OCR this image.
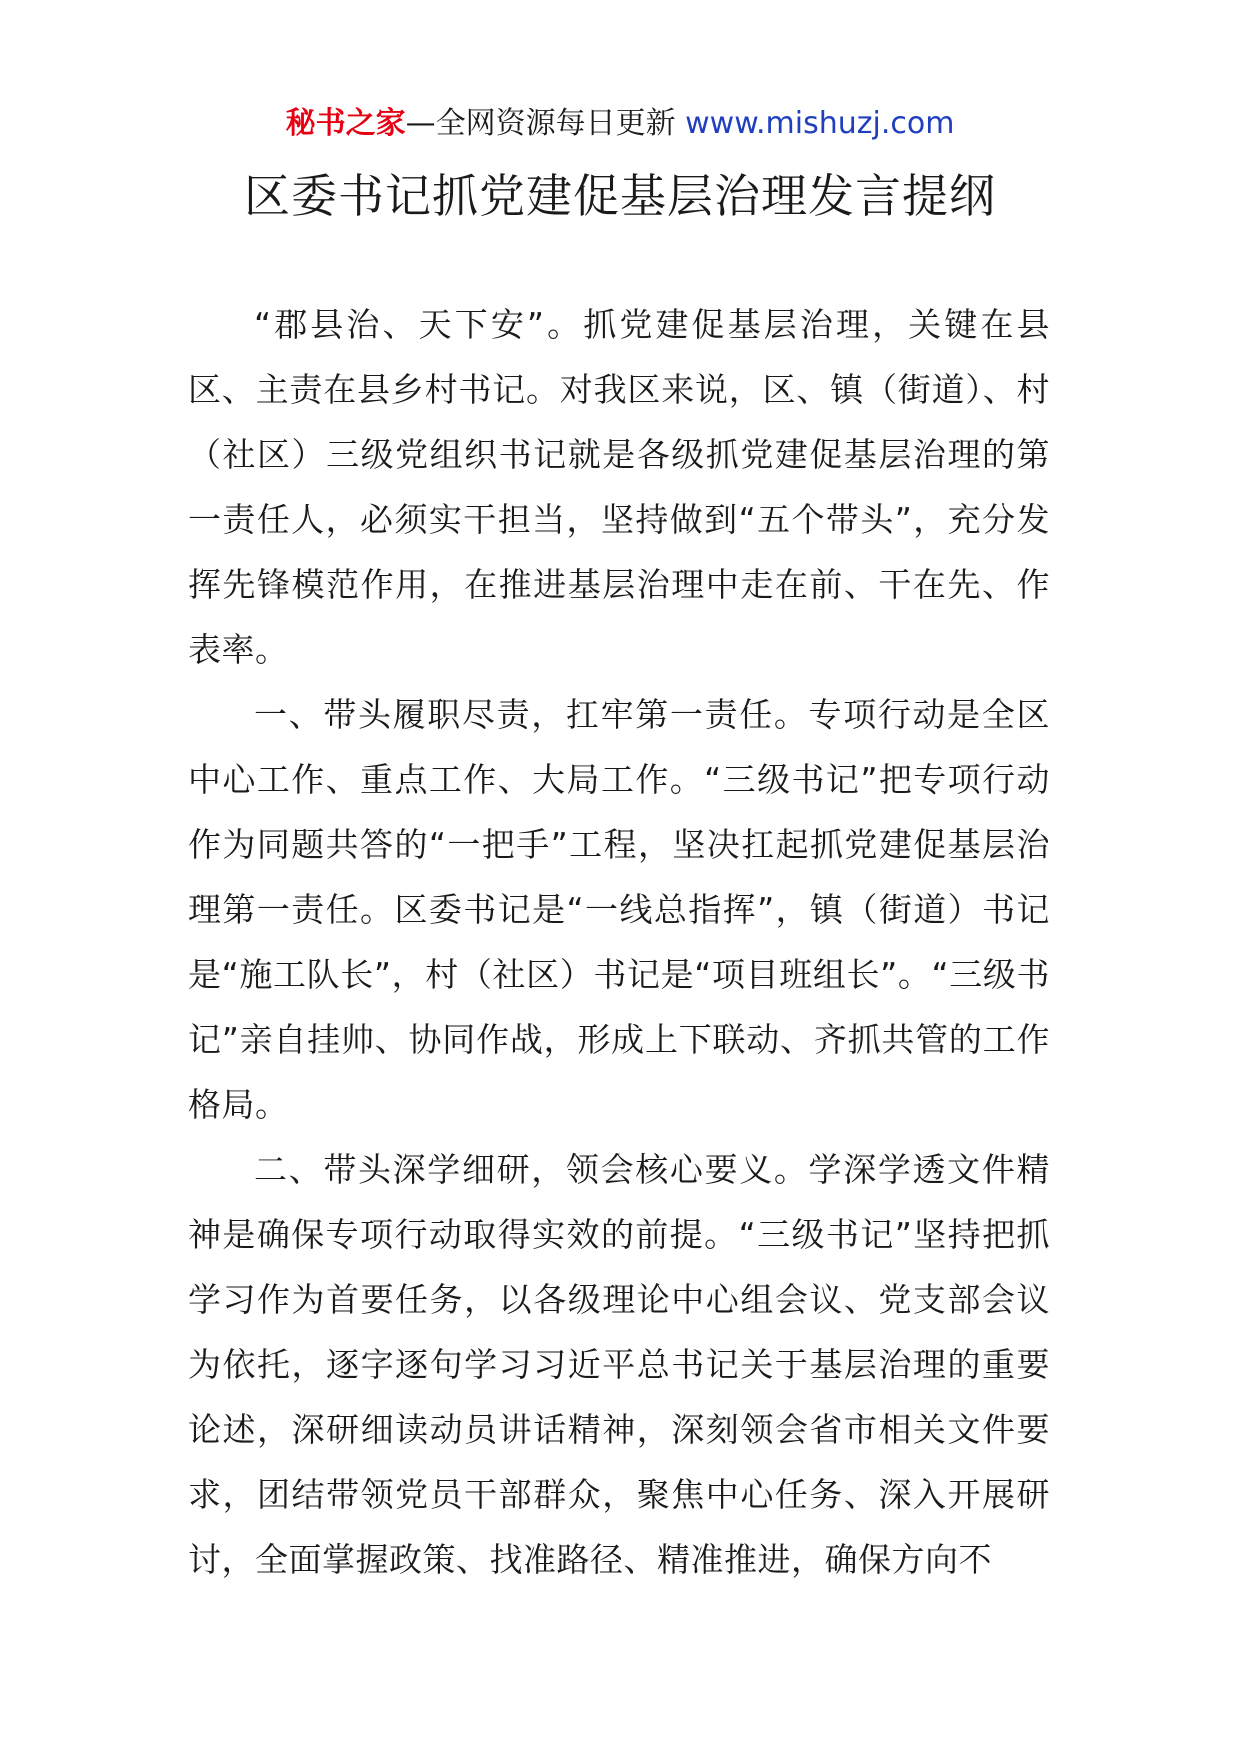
秘书之家—全网资源每日更新 www.mishuzj.com
区委书记抓党建促基层治理发言提纲

“郡县治、天下安”。抓党建促基层治理，关键在县区、主责在县乡村书记。对我区来说，区、镇（街道）、村（社区）三级党组织书记就是各级抓党建促基层治理的第一责任人，必须实干担当，坚持做到“五个带头”，充分发挥先锋模范作用，在推进基层治理中走在前、干在先、作表率。

一、带头履职尽责，扛牢第一责任。专项行动是全区中心工作、重点工作、大局工作。“三级书记”把专项行动作为同题共答的“一把手”工程，坚决扛起抓党建促基层治理第一责任。区委书记是“一线总指挥”，镇（街道）书记是“施工队长”，村（社区）书记是“项目班组长”。“三级书记”亲自挂帅、协同作战，形成上下联动、齐抓共管的工作格局。

二、带头深学细研，领会核心要义。学深学透文件精神是确保专项行动取得实效的前提。“三级书记”坚持把抓学习作为首要任务，以各级理论中心组会议、党支部会议为依托，逐字逐句学习习近平总书记关于基层治理的重要论述，深研细读动员讲话精神，深刻领会省市相关文件要求，团结带领党员干部群众，聚焦中心任务、深入开展研讨，全面掌握政策、找准路径、精准推进，确保方向不
